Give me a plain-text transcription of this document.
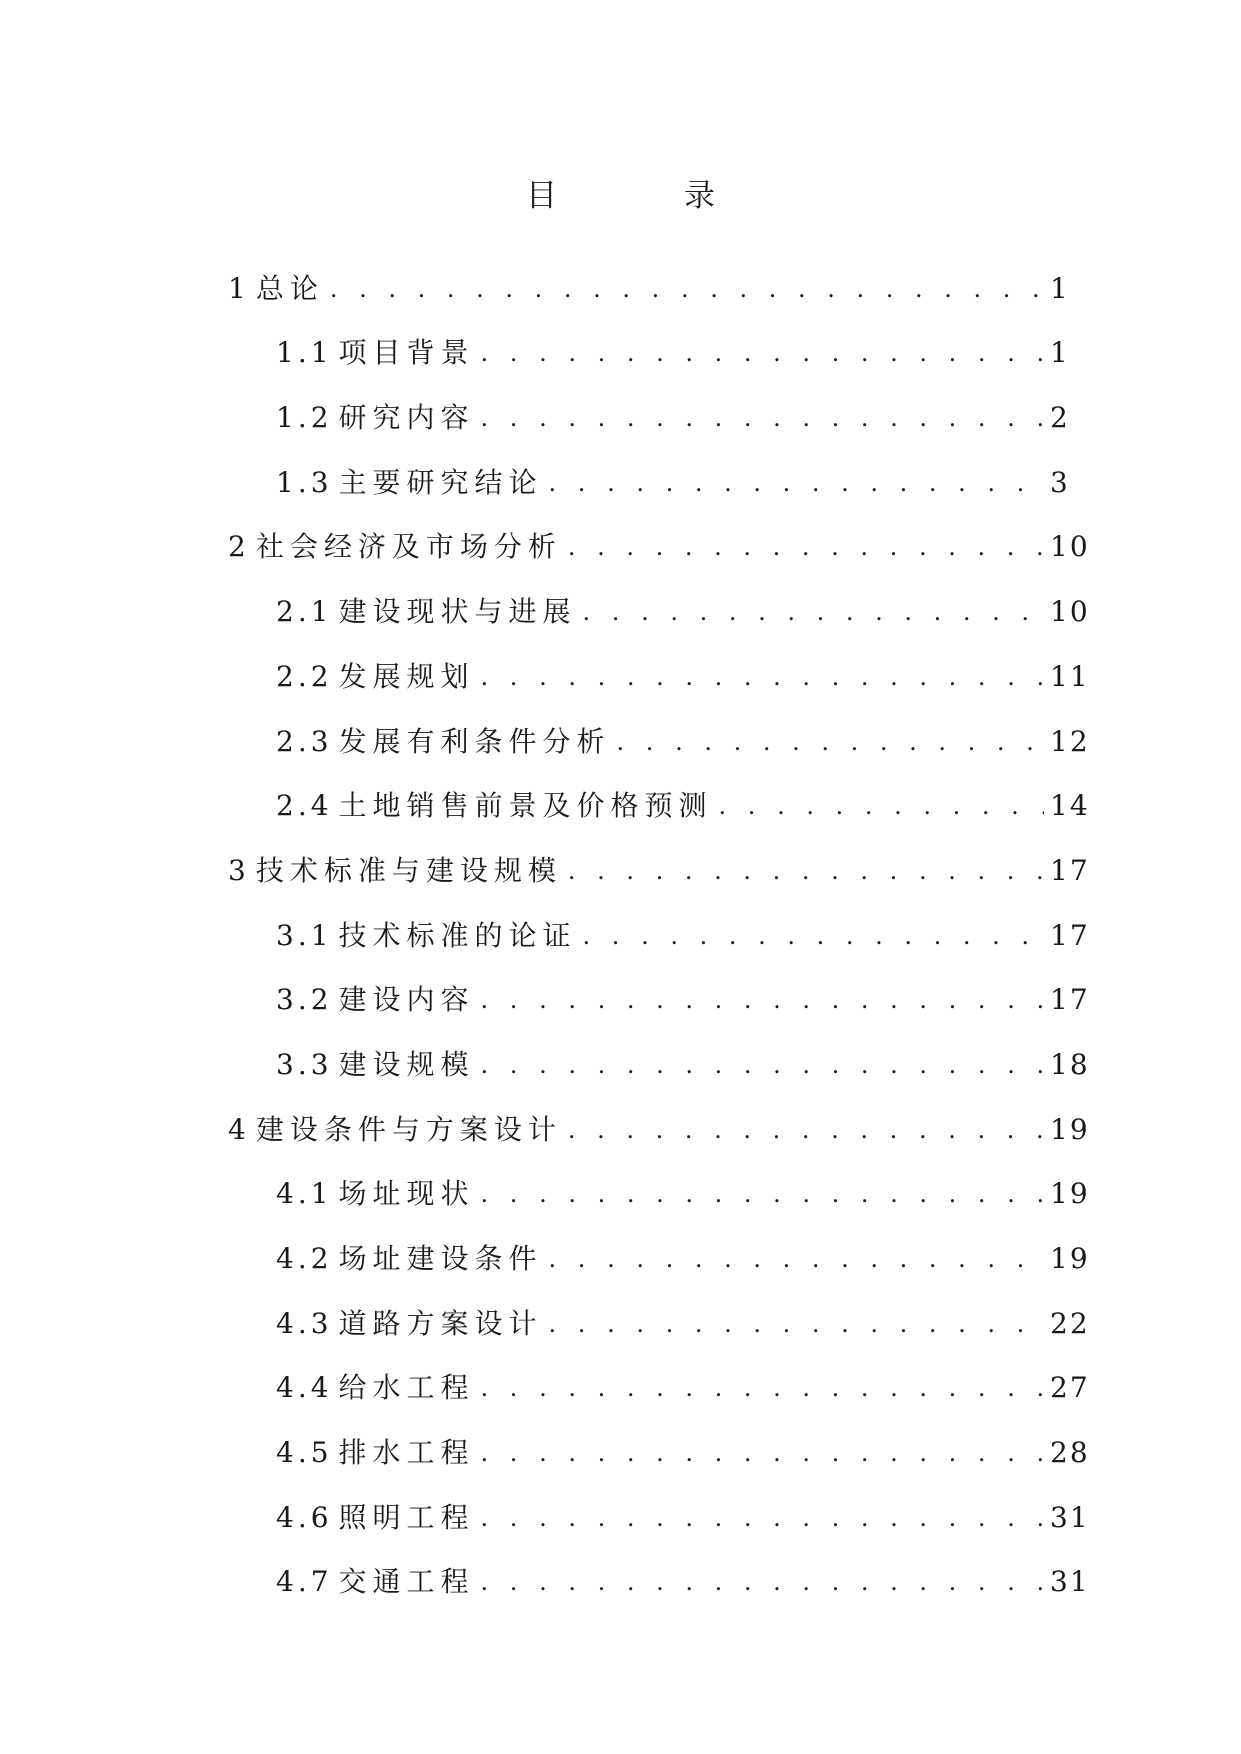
目　录
1 总论 . . .	1
1.1 项目背景 . . .	1
1.2 研究内容 . . .	2
1.3 主要研究结论 . . .	3
2 社会经济及市场分析 . . .	10
2.1 建设现状与进展 . . .	10
2.2 发展规划 . . .	11
2.3 发展有利条件分析 . . .	12
2.4 土地销售前景及价格预测 . . .	14
3 技术标准与建设规模 . . .	17
3.1 技术标准的论证 . . .	17
3.2 建设内容 . . .	17
3.3 建设规模 . . .	18
4 建设条件与方案设计 . . .	19
4.1 场址现状 . . .	19
4.2 场址建设条件 . . .	19
4.3 道路方案设计 . . .	22
4.4 给水工程 . . .	27
4.5 排水工程 . . .	28
4.6 照明工程 . . .	31
4.7 交通工程 . . .	31
